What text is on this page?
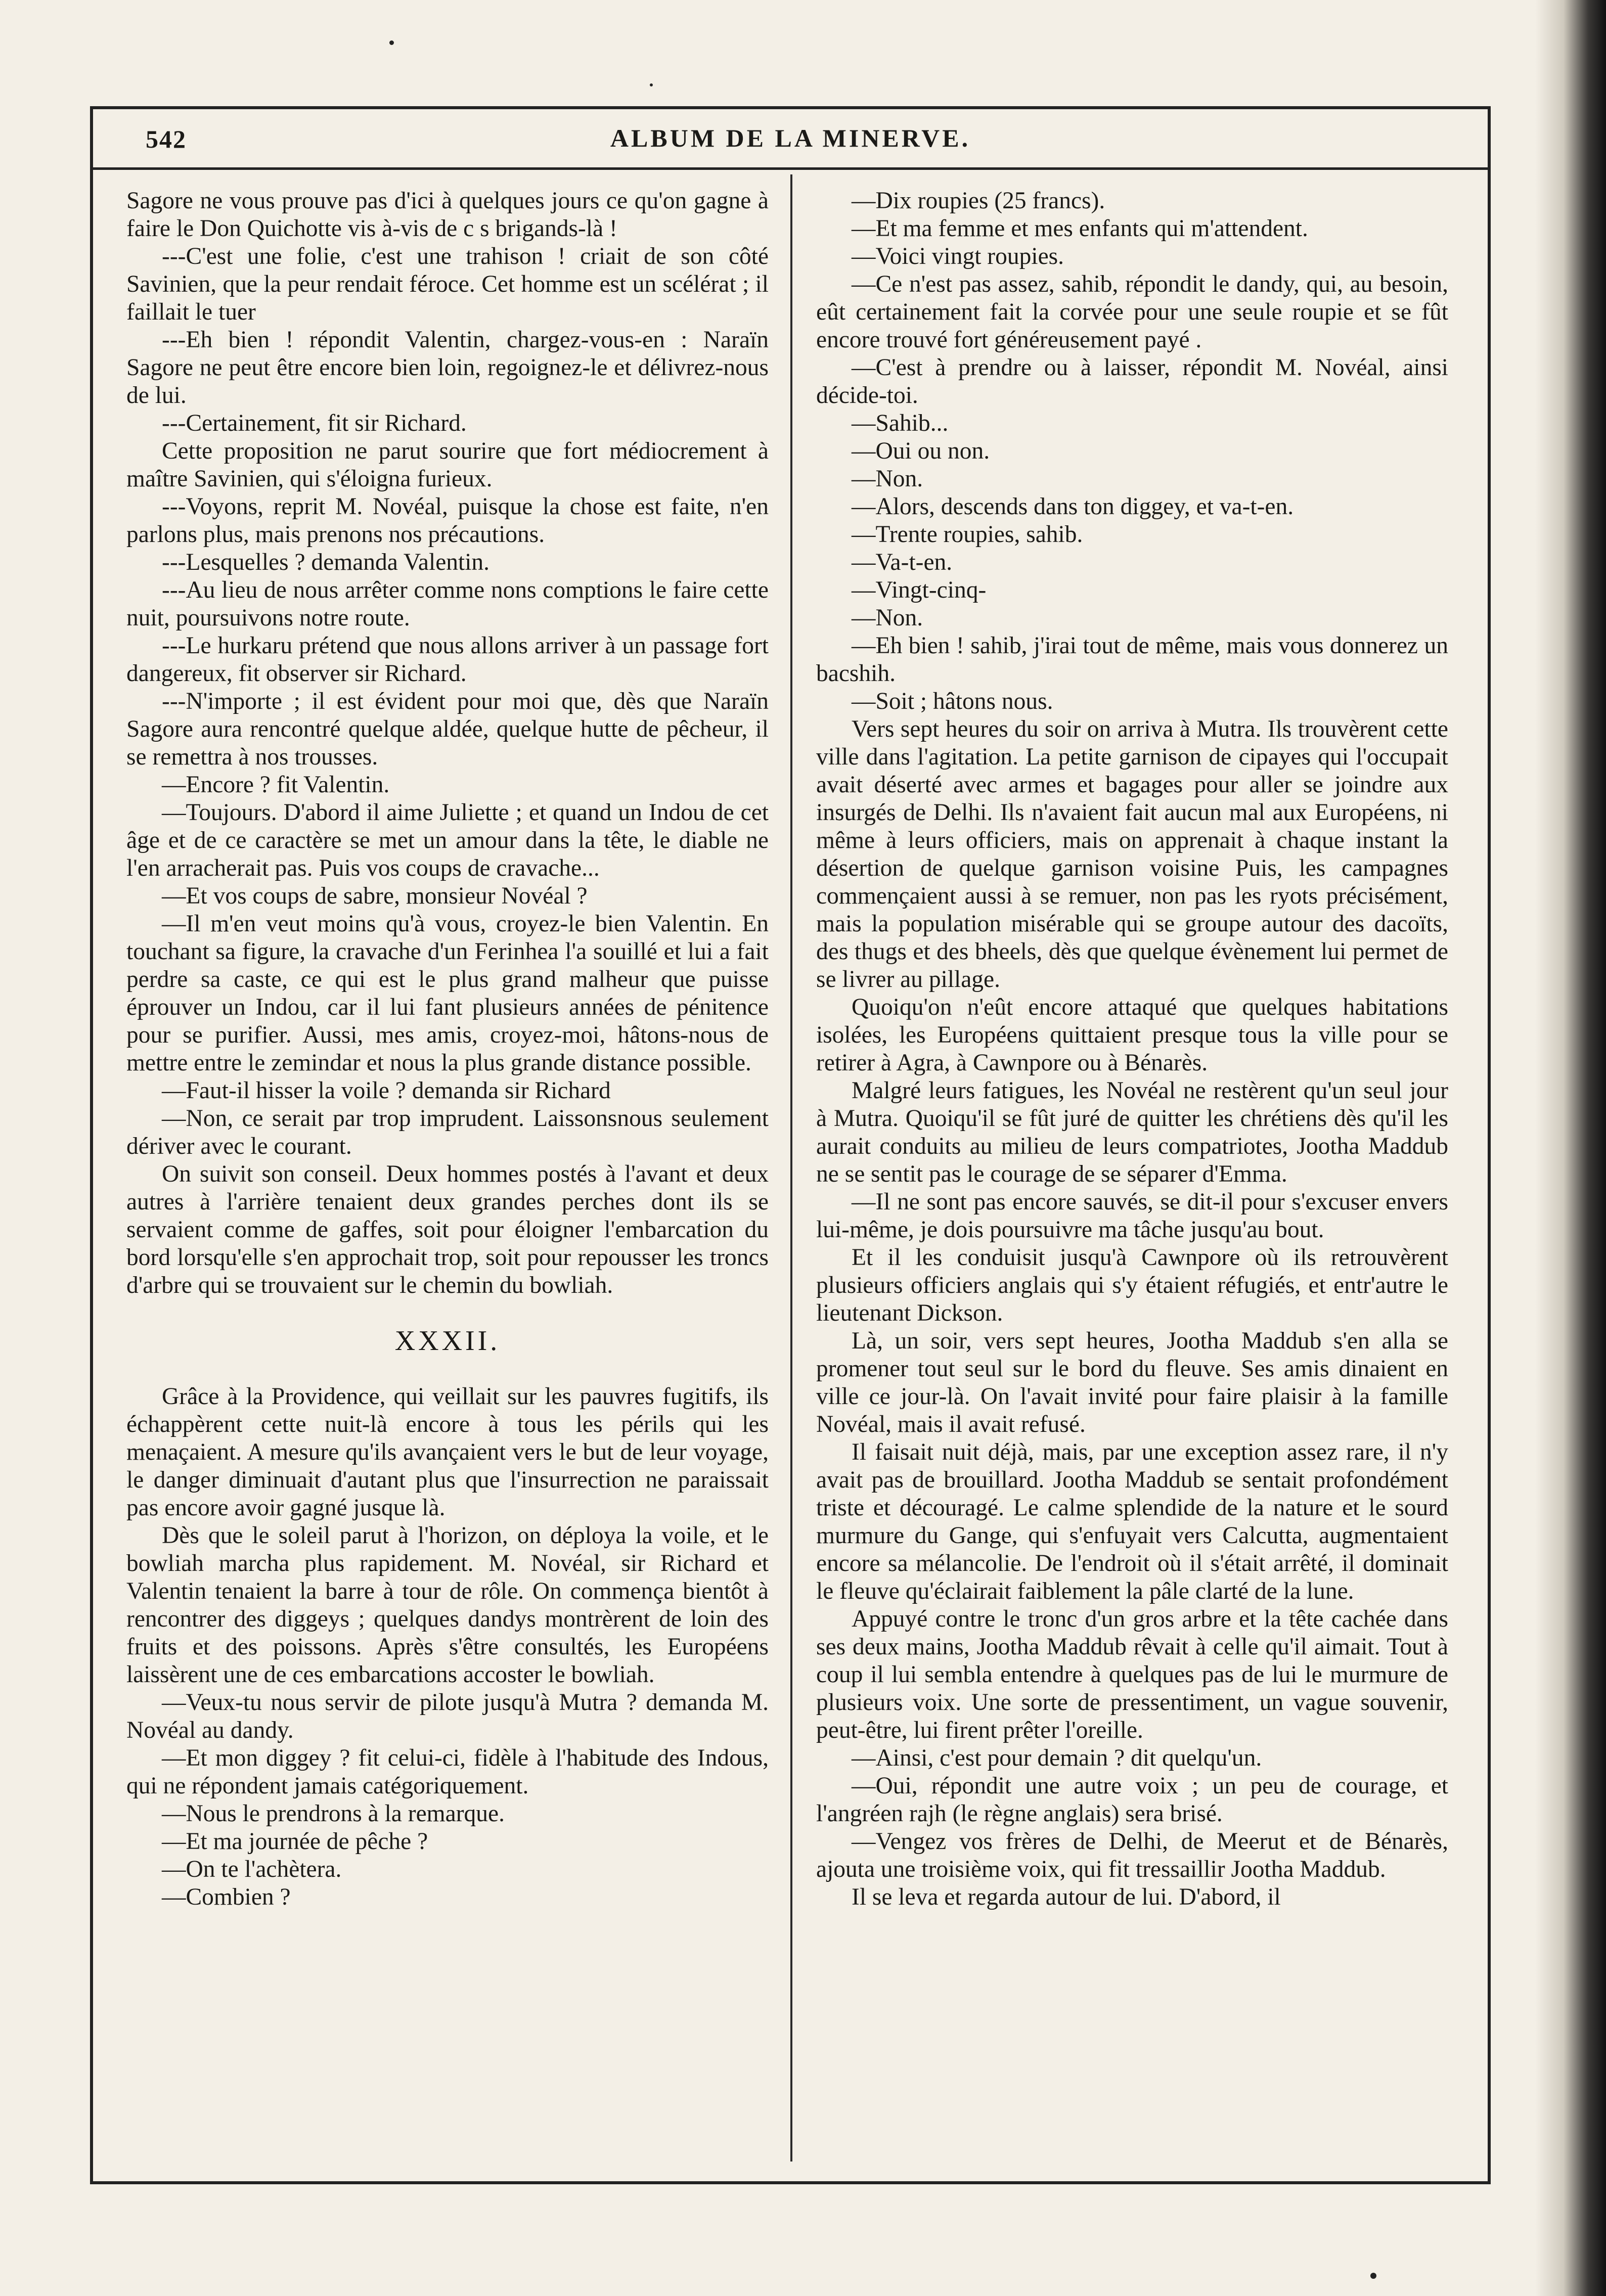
542	ALBUM DE LA MINERVE.

Sagore ne vous prouve pas d'ici à quelques jours ce qu'on gagne à faire le Don Quichotte vis à-vis de c s brigands-là !

---C'est une folie, c'est une trahison ! criait de son côté Savinien, que la peur rendait féroce. Cet homme est un scélérat ; il faillait le tuer

---Eh bien ! répondit Valentin, chargez-vous-en : Naraïn Sagore ne peut être encore bien loin, regoignez-le et délivrez-nous de lui.

---Certainement, fit sir Richard.

Cette proposition ne parut sourire que fort médiocrement à maître Savinien, qui s'éloigna furieux.

---Voyons, reprit M. Novéal, puisque la chose est faite, n'en parlons plus, mais prenons nos précautions.

---Lesquelles ? demanda Valentin.

---Au lieu de nous arrêter comme nons comptions le faire cette nuit, poursuivons notre route.

---Le hurkaru prétend que nous allons arriver à un passage fort dangereux, fit observer sir Richard.

---N'importe ; il est évident pour moi que, dès que Naraïn Sagore aura rencontré quelque aldée, quelque hutte de pêcheur, il se remettra à nos trousses.

—Encore ? fit Valentin.

—Toujours. D'abord il aime Juliette ; et quand un Indou de cet âge et de ce caractère se met un amour dans la tête, le diable ne l'en arracherait pas. Puis vos coups de cravache...

—Et vos coups de sabre, monsieur Novéal ?

—Il m'en veut moins qu'à vous, croyez-le bien Valentin. En touchant sa figure, la cravache d'un Ferinhea l'a souillé et lui a fait perdre sa caste, ce qui est le plus grand malheur que puisse éprouver un Indou, car il lui fant plusieurs années de pénitence pour se purifier. Aussi, mes amis, croyez-moi, hâtons-nous de mettre entre le zemindar et nous la plus grande distance possible.

—Faut-il hisser la voile ? demanda sir Richard

—Non, ce serait par trop imprudent. Laissonsnous seulement dériver avec le courant.

On suivit son conseil. Deux hommes postés à l'avant et deux autres à l'arrière tenaient deux grandes perches dont ils se servaient comme de gaffes, soit pour éloigner l'embarcation du bord lorsqu'elle s'en approchait trop, soit pour repousser les troncs d'arbre qui se trouvaient sur le chemin du bowliah.

XXXII.

Grâce à la Providence, qui veillait sur les pauvres fugitifs, ils échappèrent cette nuit-là encore à tous les périls qui les menaçaient. A mesure qu'ils avançaient vers le but de leur voyage, le danger diminuait d'autant plus que l'insurrection ne paraissait pas encore avoir gagné jusque là.

Dès que le soleil parut à l'horizon, on déploya la voile, et le bowliah marcha plus rapidement. M. Novéal, sir Richard et Valentin tenaient la barre à tour de rôle. On commença bientôt à rencontrer des diggeys ; quelques dandys montrèrent de loin des fruits et des poissons. Après s'être consultés, les Européens laissèrent une de ces embarcations accoster le bowliah.

—Veux-tu nous servir de pilote jusqu'à Mutra ? demanda M. Novéal au dandy.

—Et mon diggey ? fit celui-ci, fidèle à l'habitude des Indous, qui ne répondent jamais catégoriquement.

—Nous le prendrons à la remarque.

—Et ma journée de pêche ?

—On te l'achètera.

—Combien ?

—Dix roupies (25 francs).

—Et ma femme et mes enfants qui m'attendent.

—Voici vingt roupies.

—Ce n'est pas assez, sahib, répondit le dandy, qui, au besoin, eût certainement fait la corvée pour une seule roupie et se fût encore trouvé fort généreusement payé .

—C'est à prendre ou à laisser, répondit M. Novéal, ainsi décide-toi.

—Sahib...

—Oui ou non.

—Non.

—Alors, descends dans ton diggey, et va-t-en.

—Trente roupies, sahib.

—Va-t-en.

—Vingt-cinq-

—Non.

—Eh bien ! sahib, j'irai tout de même, mais vous donnerez un bacshih.

—Soit ; hâtons nous.

Vers sept heures du soir on arriva à Mutra. Ils trouvèrent cette ville dans l'agitation. La petite garnison de cipayes qui l'occupait avait déserté avec armes et bagages pour aller se joindre aux insurgés de Delhi. Ils n'avaient fait aucun mal aux Européens, ni même à leurs officiers, mais on apprenait à chaque instant la désertion de quelque garnison voisine Puis, les campagnes commençaient aussi à se remuer, non pas les ryots précisément, mais la population misérable qui se groupe autour des dacoïts, des thugs et des bheels, dès que quelque évènement lui permet de se livrer au pillage.

Quoiqu'on n'eût encore attaqué que quelques habitations isolées, les Européens quittaient presque tous la ville pour se retirer à Agra, à Cawnpore ou à Bénarès.

Malgré leurs fatigues, les Novéal ne restèrent qu'un seul jour à Mutra. Quoiqu'il se fût juré de quitter les chrétiens dès qu'il les aurait conduits au milieu de leurs compatriotes, Jootha Maddub ne se sentit pas le courage de se séparer d'Emma.

—Il ne sont pas encore sauvés, se dit-il pour s'excuser envers lui-même, je dois poursuivre ma tâche jusqu'au bout.

Et il les conduisit jusqu'à Cawnpore où ils retrouvèrent plusieurs officiers anglais qui s'y étaient réfugiés, et entr'autre le lieutenant Dickson.

Là, un soir, vers sept heures, Jootha Maddub s'en alla se promener tout seul sur le bord du fleuve. Ses amis dinaient en ville ce jour-là. On l'avait invité pour faire plaisir à la famille Novéal, mais il avait refusé.

Il faisait nuit déjà, mais, par une exception assez rare, il n'y avait pas de brouillard. Jootha Maddub se sentait profondément triste et découragé. Le calme splendide de la nature et le sourd murmure du Gange, qui s'enfuyait vers Calcutta, augmentaient encore sa mélancolie. De l'endroit où il s'était arrêté, il dominait le fleuve qu'éclairait faiblement la pâle clarté de la lune.

Appuyé contre le tronc d'un gros arbre et la tête cachée dans ses deux mains, Jootha Maddub rêvait à celle qu'il aimait. Tout à coup il lui sembla entendre à quelques pas de lui le murmure de plusieurs voix. Une sorte de pressentiment, un vague souvenir, peut-être, lui firent prêter l'oreille.

—Ainsi, c'est pour demain ? dit quelqu'un.

—Oui, répondit une autre voix ; un peu de courage, et l'angréen rajh (le règne anglais) sera brisé.

—Vengez vos frères de Delhi, de Meerut et de Bénarès, ajouta une troisième voix, qui fit tressaillir Jootha Maddub.

Il se leva et regarda autour de lui. D'abord, il
